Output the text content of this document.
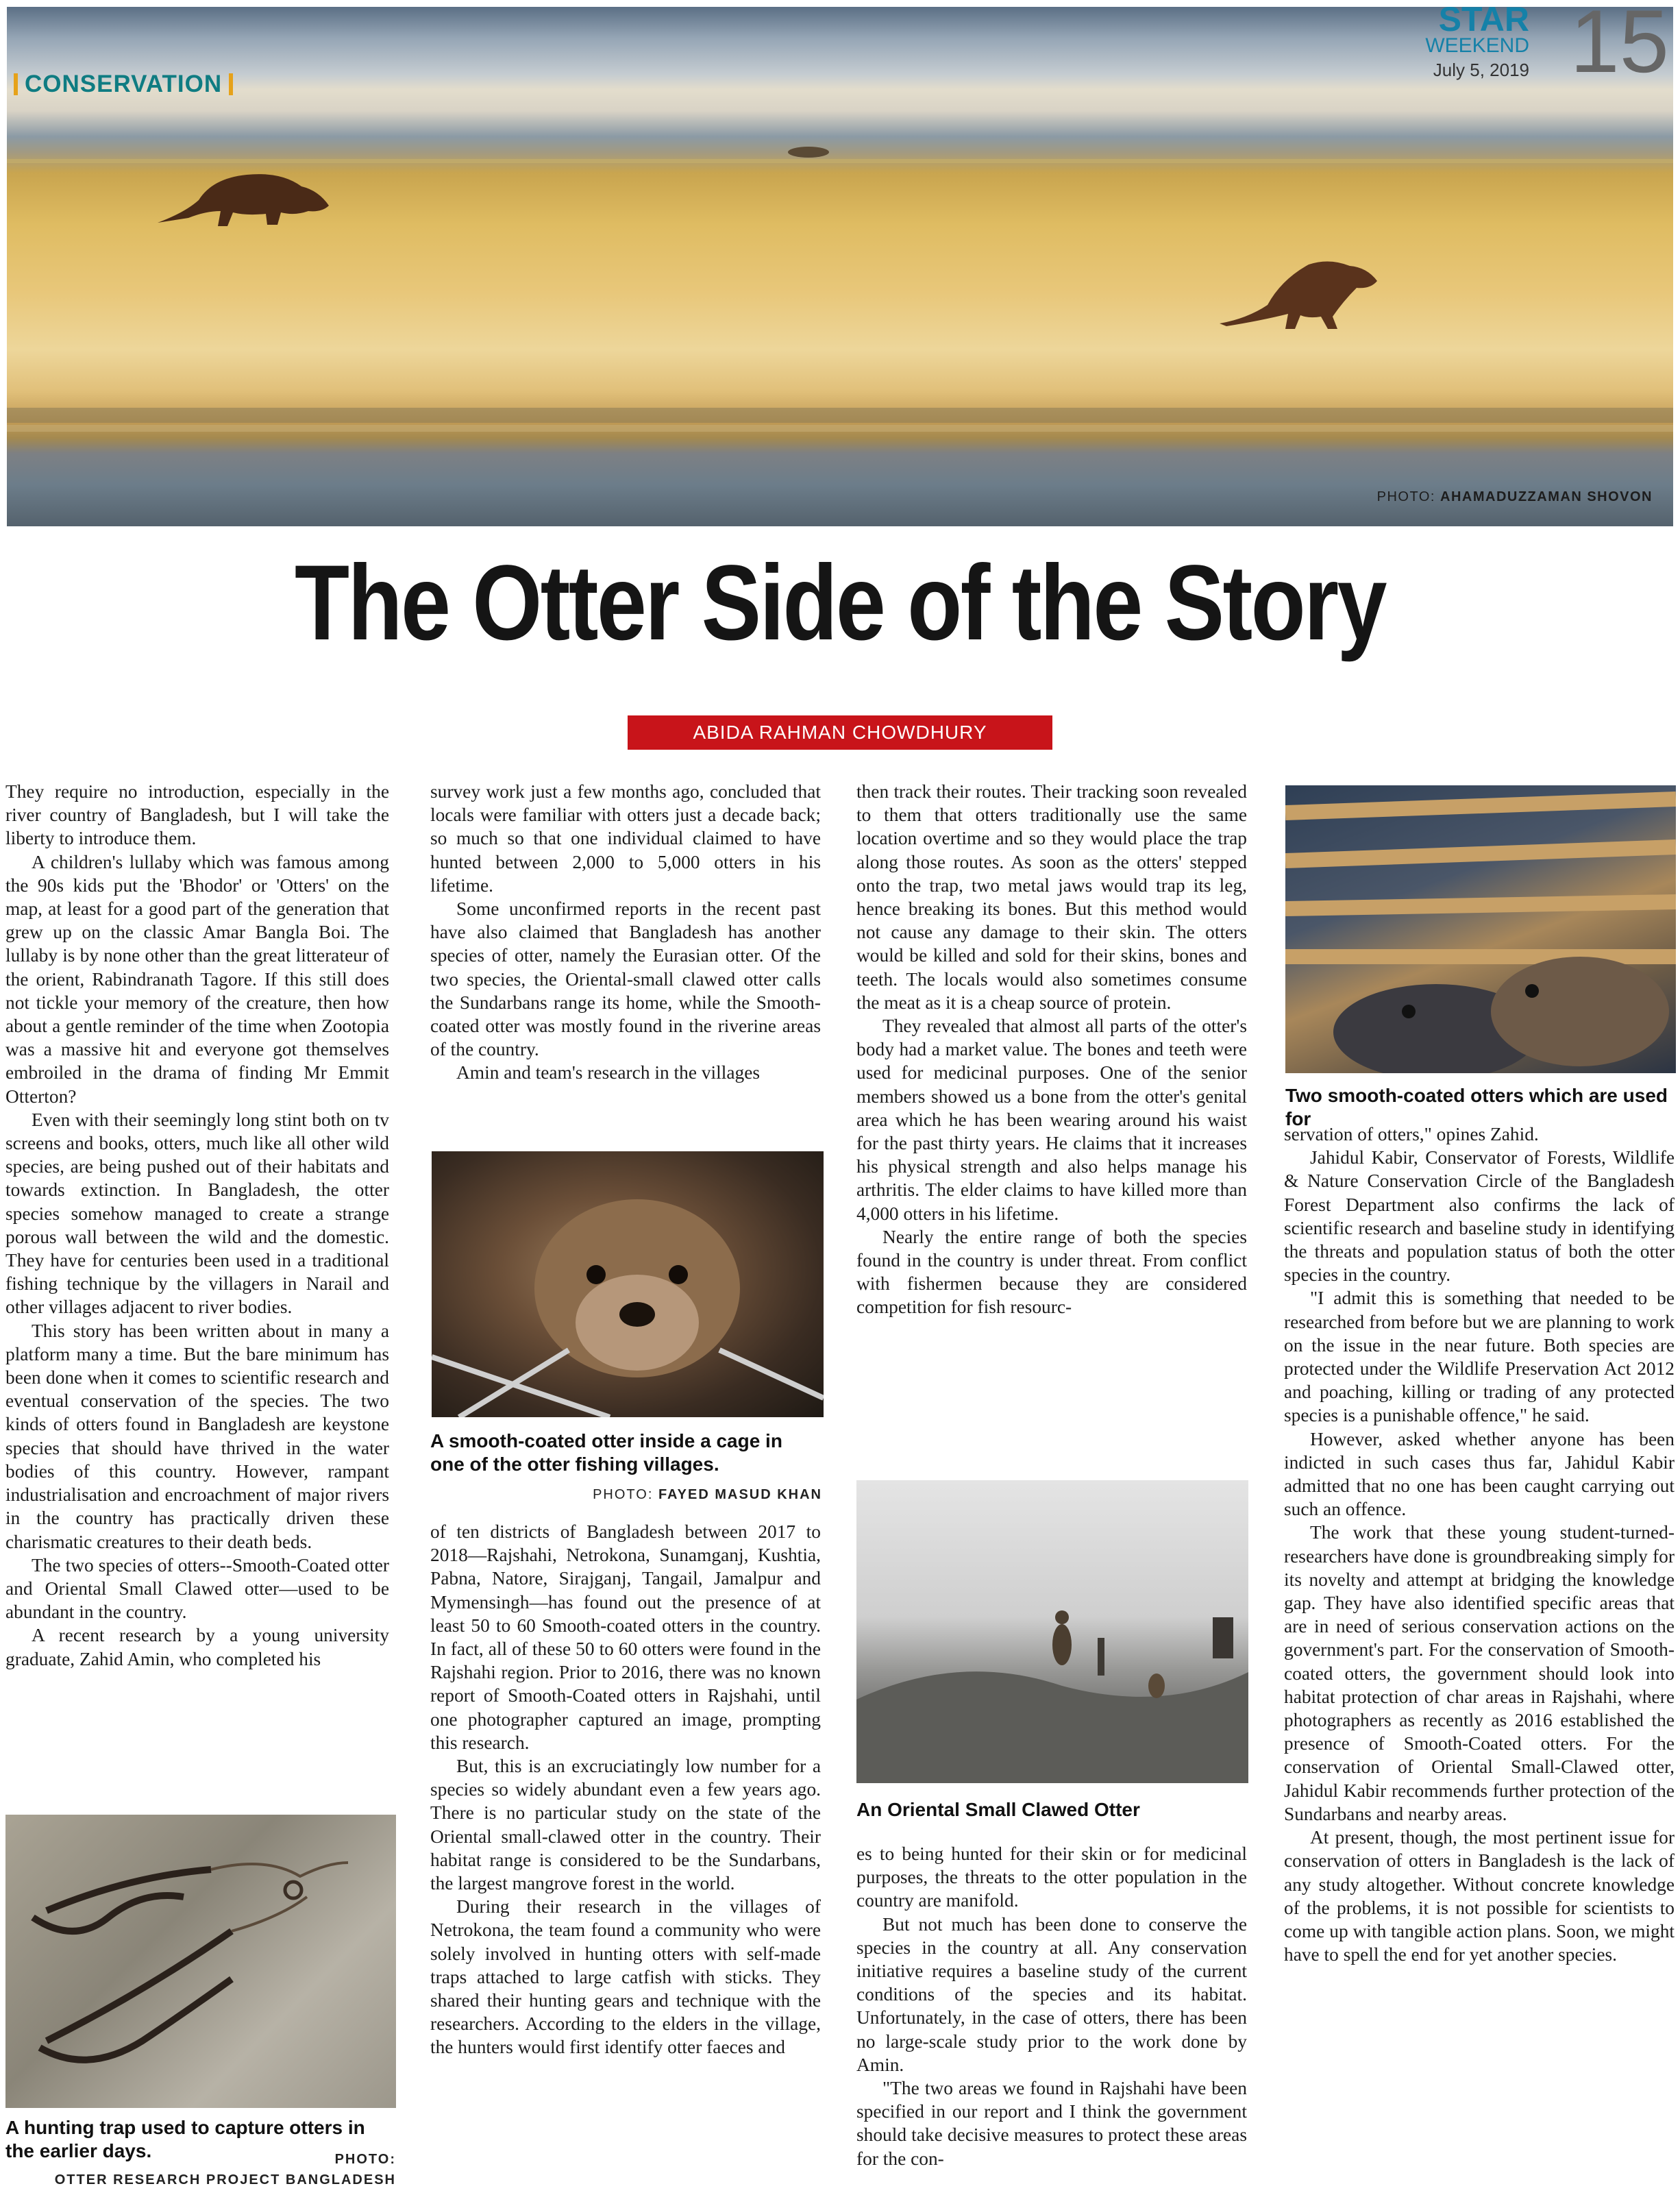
CONSERVATION
STAR
WEEKEND
July 5, 2019 15
PHOTO: AHAMADUZZAMAN SHOVON
The Otter Side of the Story
ABIDA RAHMAN CHOWDHURY

They require no introduction, especially in the river country of Bangladesh, but I will take the liberty to introduce them.

A children's lullaby which was famous among the 90s kids put the 'Bhodor' or 'Otters' on the map, at least for a good part of the generation that grew up on the classic Amar Bangla Boi. The lullaby is by none other than the great litterateur of the orient, Rabindranath Tagore. If this still does not tickle your memory of the creature, then how about a gentle reminder of the time when Zootopia was a massive hit and everyone got themselves embroiled in the drama of finding Mr Emmit Otterton?

Even with their seemingly long stint both on tv screens and books, otters, much like all other wild species, are being pushed out of their habitats and towards extinction. In Bangladesh, the otter species somehow managed to create a strange porous wall between the wild and the domestic. They have for centuries been used in a traditional fishing technique by the villagers in Narail and other villages adjacent to river bodies.

This story has been written about in many a platform many a time. But the bare minimum has been done when it comes to scientific research and eventual conservation of the species. The two kinds of otters found in Bangladesh are keystone species that should have thrived in the water bodies of this country. However, rampant industrialisation and encroachment of major rivers in the country has practically driven these charismatic creatures to their death beds.

The two species of otters--Smooth-Coated otter and Oriental Small Clawed otter—used to be abundant in the country.

A recent research by a young university graduate, Zahid Amin, who completed his

A hunting trap used to capture otters in the earlier days.	PHOTO:
OTTER RESEARCH PROJECT BANGLADESH

survey work just a few months ago, concluded that locals were familiar with otters just a decade back; so much so that one individual claimed to have hunted between 2,000 to 5,000 otters in his lifetime.

Some unconfirmed reports in the recent past have also claimed that Bangladesh has another species of otter, namely the Eurasian otter. Of the two species, the Oriental-small clawed otter calls the Sundarbans range its home, while the Smooth-coated otter was mostly found in the riverine areas of the country.

Amin and team's research in the villages

A smooth-coated otter inside a cage in one of the otter fishing villages.
PHOTO: FAYED MASUD KHAN

of ten districts of Bangladesh between 2017 to 2018—Rajshahi, Netrokona, Sunamganj, Kushtia, Pabna, Natore, Sirajganj, Tangail, Jamalpur and Mymensingh—has found out the presence of at least 50 to 60 Smooth-coated otters in the country. In fact, all of these 50 to 60 otters were found in the Rajshahi region. Prior to 2016, there was no known report of Smooth-Coated otters in Rajshahi, until one photographer captured an image, prompting this research.

But, this is an excruciatingly low number for a species so widely abundant even a few years ago. There is no particular study on the state of the Oriental small-clawed otter in the country. Their habitat range is considered to be the Sundarbans, the largest mangrove forest in the world.

During their research in the villages of Netrokona, the team found a community who were solely involved in hunting otters with self-made traps attached to large catfish with sticks. They shared their hunting gears and technique with the researchers. According to the elders in the village, the hunters would first identify otter faeces and

then track their routes. Their tracking soon revealed to them that otters traditionally use the same location overtime and so they would place the trap along those routes. As soon as the otters' stepped onto the trap, two metal jaws would trap its leg, hence breaking its bones. But this method would not cause any damage to their skin. The otters would be killed and sold for their skins, bones and teeth. The locals would also sometimes consume the meat as it is a cheap source of protein.

They revealed that almost all parts of the otter's body had a market value. The bones and teeth were used for medicinal purposes. One of the senior members showed us a bone from the otter's genital area which he has been wearing around his waist for the past thirty years. He claims that it increases his physical strength and also helps manage his arthritis. The elder claims to have killed more than 4,000 otters in his lifetime.

Nearly the entire range of both the species found in the country is under threat. From conflict with fishermen because they are considered competition for fish resourc-

An Oriental Small Clawed Otter

es to being hunted for their skin or for medicinal purposes, the threats to the otter population in the country are manifold.

But not much has been done to conserve the species in the country at all. Any conservation initiative requires a baseline study of the current conditions of the species and its habitat. Unfortunately, in the case of otters, there has been no large-scale study prior to the work done by Amin.

"The two areas we found in Rajshahi have been specified in our report and I think the government should take decisive measures to protect these areas for the con-

Two smooth-coated otters which are used for

servation of otters," opines Zahid.

Jahidul Kabir, Conservator of Forests, Wildlife & Nature Conservation Circle of the Bangladesh Forest Department also confirms the lack of scientific research and baseline study in identifying the threats and population status of both the otter species in the country.

"I admit this is something that needed to be researched from before but we are planning to work on the issue in the near future. Both species are protected under the Wildlife Preservation Act 2012 and poaching, killing or trading of any protected species is a punishable offence," he said.

However, asked whether anyone has been indicted in such cases thus far, Jahidul Kabir admitted that no one has been caught carrying out such an offence.

The work that these young student-turned-researchers have done is groundbreaking simply for its novelty and attempt at bridging the knowledge gap. They have also identified specific areas that are in need of serious conservation actions on the government's part. For the conservation of Smooth-coated otters, the government should look into habitat protection of char areas in Rajshahi, where photographers as recently as 2016 established the presence of Smooth-Coated otters. For the conservation of Oriental Small-Clawed otter, Jahidul Kabir recommends further protection of the Sundarbans and nearby areas.

At present, though, the most pertinent issue for conservation of otters in Bangladesh is the lack of any study altogether. Without concrete knowledge of the problems, it is not possible for scientists to come up with tangible action plans. Soon, we might have to spell the end for yet another species.
